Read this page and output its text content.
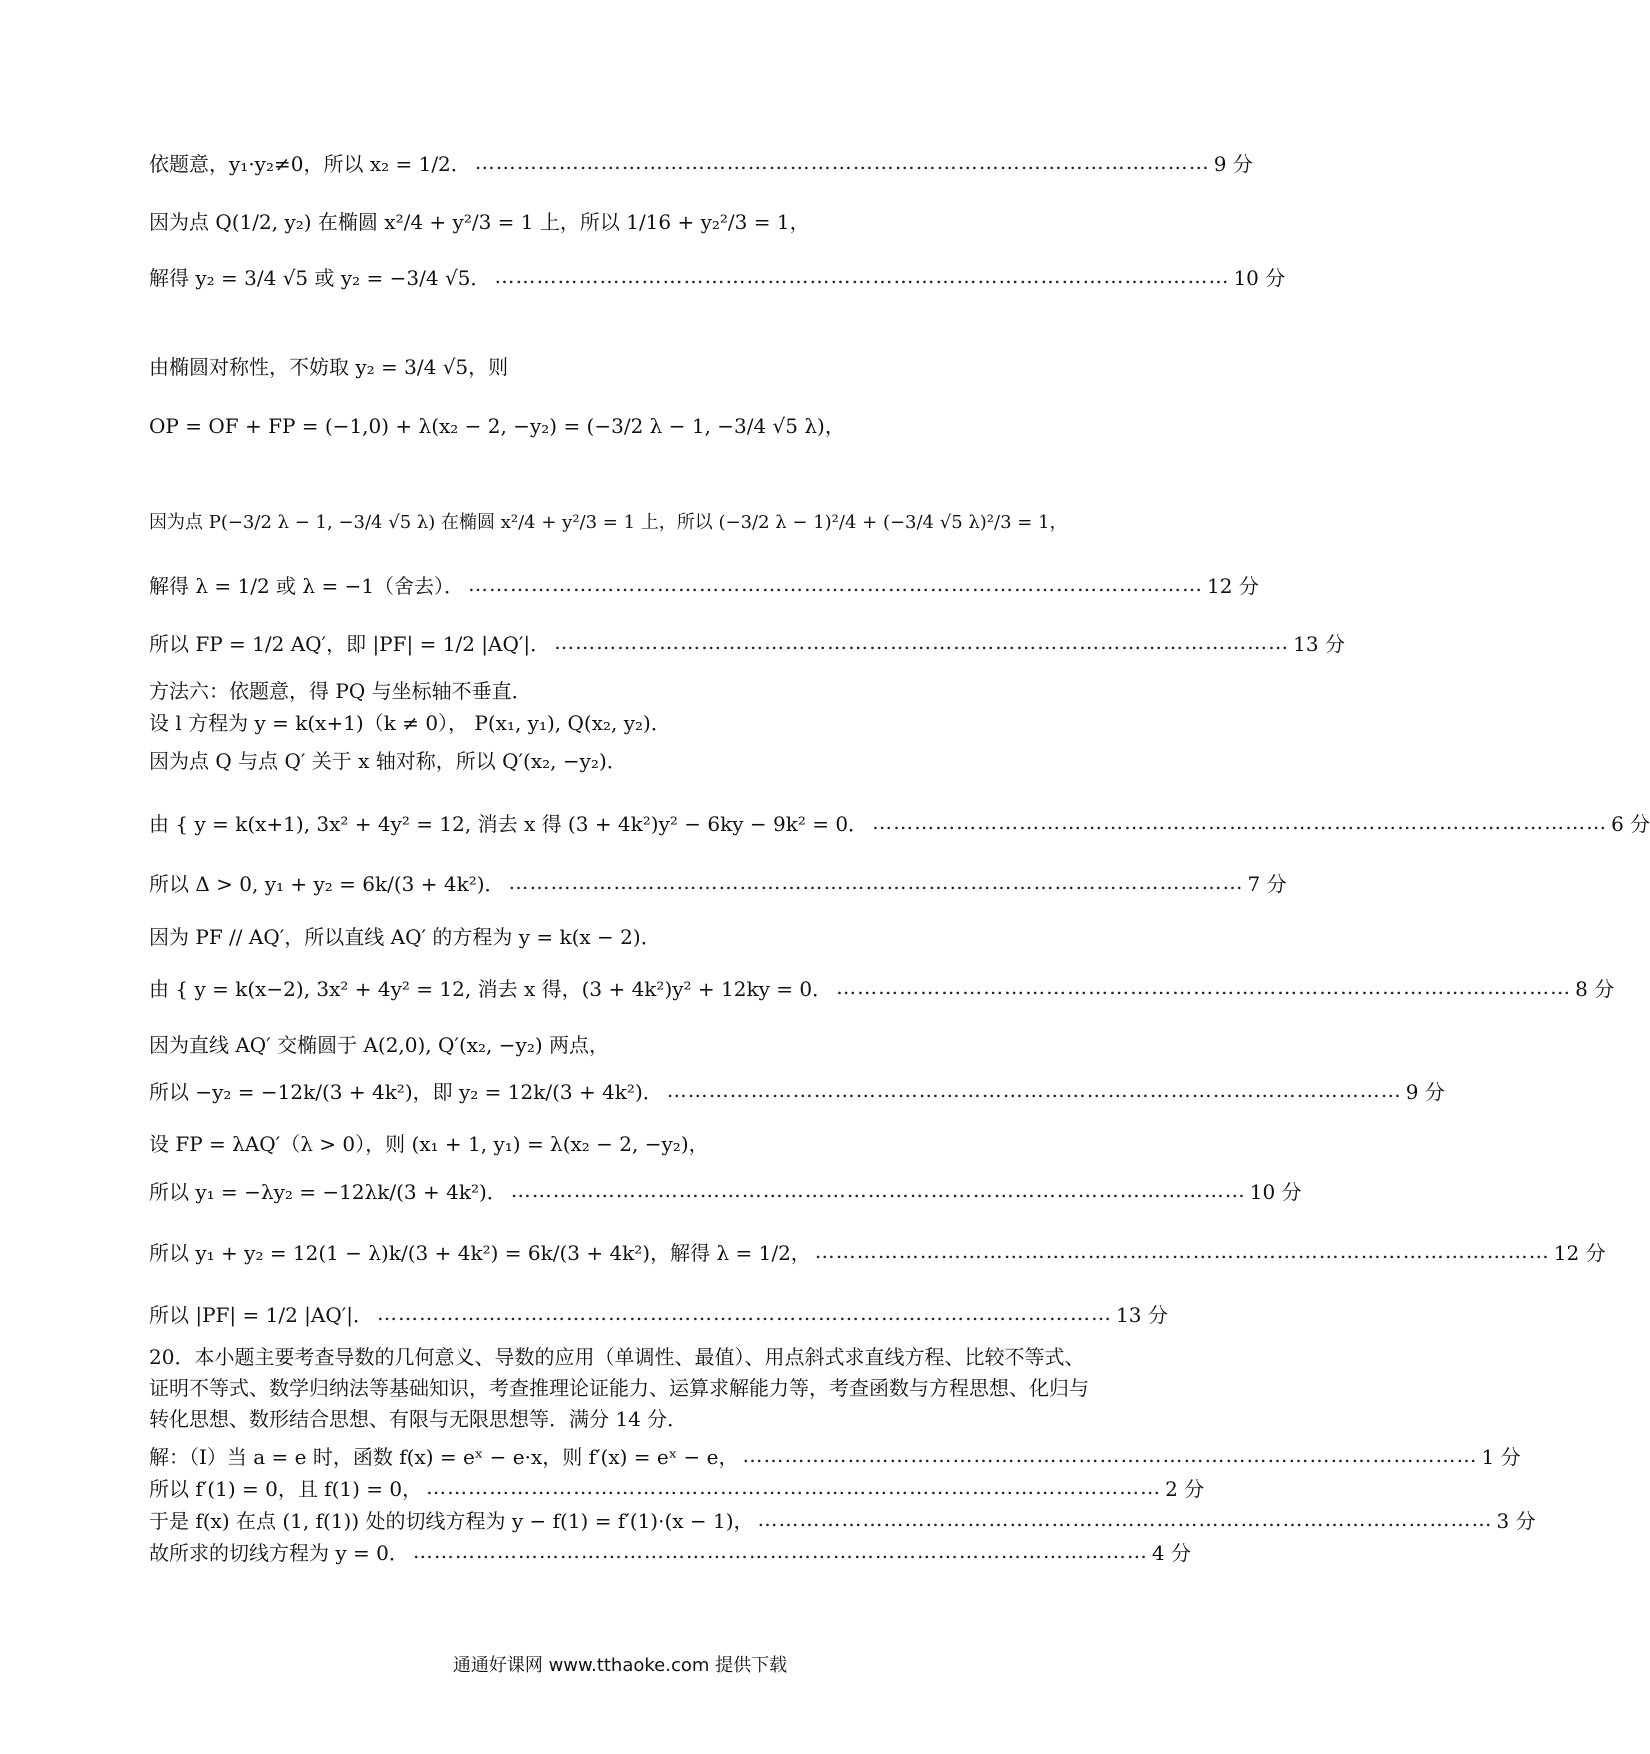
依题意，y₁·y₂≠0，所以 x₂ = 1/2． …………………………………………………………………………………………… 9 分
因为点 Q(1/2, y₂) 在椭圆 x²/4 + y²/3 = 1 上，所以 1/16 + y₂²/3 = 1，
解得 y₂ = 3/4 √5 或 y₂ = −3/4 √5． …………………………………………………………………………………………… 10 分
由椭圆对称性，不妨取 y₂ = 3/4 √5，则
OP = OF + FP = (−1,0) + λ(x₂ − 2, −y₂) = (−3/2 λ − 1, −3/4 √5 λ)，
因为点 P(−3/2 λ − 1, −3/4 √5 λ) 在椭圆 x²/4 + y²/3 = 1 上，所以 (−3/2 λ − 1)²/4 + (−3/4 √5 λ)²/3 = 1，
解得 λ = 1/2 或 λ = −1（舍去）． …………………………………………………………………………………………… 12 分
所以 FP = 1/2 AQ′，即 |PF| = 1/2 |AQ′|． …………………………………………………………………………………………… 13 分
方法六：依题意，得 PQ 与坐标轴不垂直．
设 l 方程为 y = k(x+1)（k ≠ 0）， P(x₁, y₁), Q(x₂, y₂)．
因为点 Q 与点 Q′ 关于 x 轴对称，所以 Q′(x₂, −y₂)．
由 { y = k(x+1), 3x² + 4y² = 12, 消去 x 得 (3 + 4k²)y² − 6ky − 9k² = 0． …………………………………………………………………………………………… 6 分
所以 Δ > 0, y₁ + y₂ = 6k/(3 + 4k²)． …………………………………………………………………………………………… 7 分
因为 PF // AQ′，所以直线 AQ′ 的方程为 y = k(x − 2)．
由 { y = k(x−2), 3x² + 4y² = 12, 消去 x 得，(3 + 4k²)y² + 12ky = 0． …………………………………………………………………………………………… 8 分
因为直线 AQ′ 交椭圆于 A(2,0), Q′(x₂, −y₂) 两点，
所以 −y₂ = −12k/(3 + 4k²)，即 y₂ = 12k/(3 + 4k²)． …………………………………………………………………………………………… 9 分
设 FP = λAQ′（λ > 0），则 (x₁ + 1, y₁) = λ(x₂ − 2, −y₂)，
所以 y₁ = −λy₂ = −12λk/(3 + 4k²)． …………………………………………………………………………………………… 10 分
所以 y₁ + y₂ = 12(1 − λ)k/(3 + 4k²) = 6k/(3 + 4k²)，解得 λ = 1/2， …………………………………………………………………………………………… 12 分
所以 |PF| = 1/2 |AQ′|． …………………………………………………………………………………………… 13 分
20．本小题主要考查导数的几何意义、导数的应用（单调性、最值）、用点斜式求直线方程、比较不等式、证明不等式、数学归纳法等基础知识，考查推理论证能力、运算求解能力等，考查函数与方程思想、化归与转化思想、数形结合思想、有限与无限思想等．满分 14 分．
解：（Ⅰ）当 a = e 时，函数 f(x) = eˣ − e·x，则 f′(x) = eˣ − e， …………………………………………………………………………………………… 1 分
所以 f′(1) = 0，且 f(1) = 0， …………………………………………………………………………………………… 2 分
于是 f(x) 在点 (1, f(1)) 处的切线方程为 y − f(1) = f′(1)·(x − 1)， …………………………………………………………………………………………… 3 分
故所求的切线方程为 y = 0． …………………………………………………………………………………………… 4 分
通通好课网 www.tthaoke.com 提供下载
